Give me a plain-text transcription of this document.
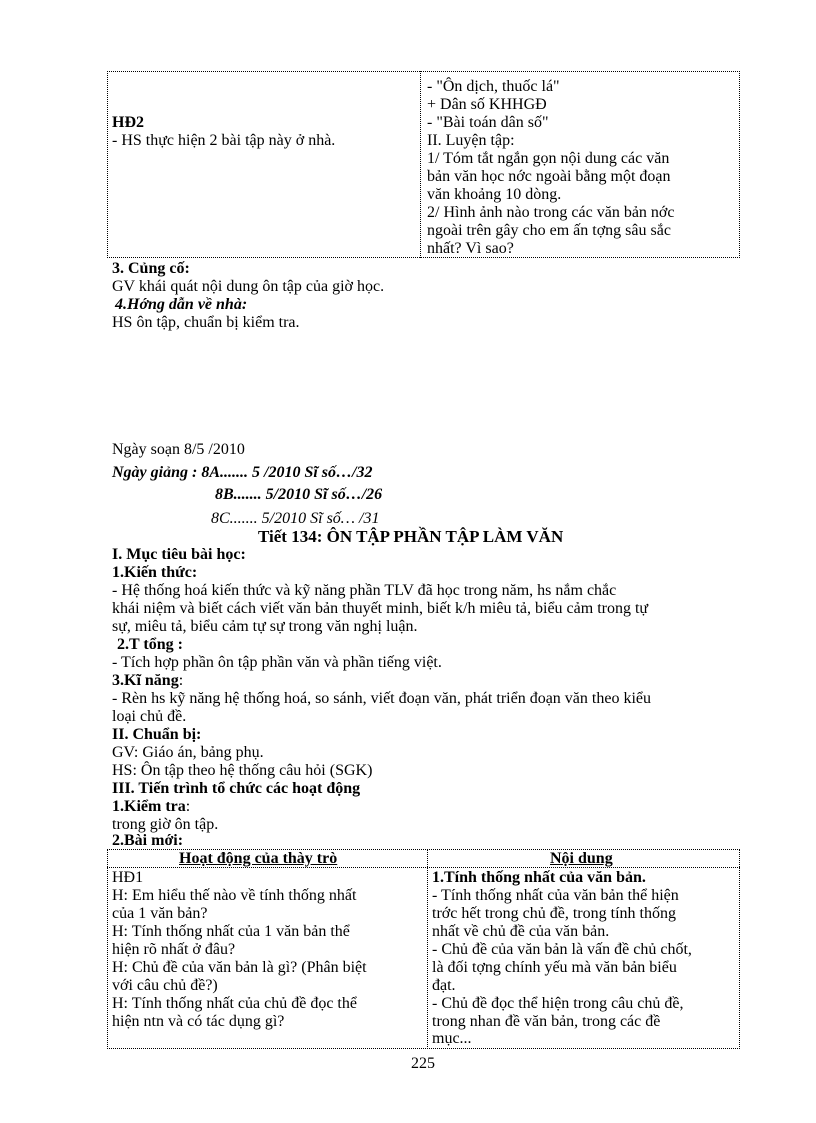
HĐ2
- HS thực hiện 2 bài tập này ở nhà.
- "Ôn dịch, thuốc lá"
+ Dân số KHHGĐ
- "Bài toán dân số"
II. Luyện tập:
1/ Tóm tắt ngắn gọn nội dung các văn
bản văn học nớc ngoài bằng một đoạn
văn khoảng 10 dòng.
2/ Hình ảnh nào trong các văn bản nớc
ngoài trên gây cho em ấn tợng sâu sắc
nhất? Vì sao?
3. Củng cố:
GV khái quát nội dung ôn tập của giờ học.
4.Hớng dẫn về nhà:
HS ôn tập, chuẩn bị kiểm tra.
Ngày soạn 8/5 /2010
Ngày giảng : 8A....... 5 /2010 Sĩ số…/32
8B....... 5/2010 Sĩ số…/26
8C....... 5/2010 Sĩ số… /31
Tiết 134: ÔN TẬP PHẦN TẬP LÀM VĂN
I. Mục tiêu bài học:
1.Kiến thức:
- Hệ thống hoá kiến thức và kỹ năng phần TLV đã học trong năm, hs nắm chắc
khái niệm và biết cách viết văn bản thuyết minh, biết k/h miêu tả, biểu cảm trong tự
sự, miêu tả, biểu cảm tự sự trong văn nghị luận.
2.T tổng :
- Tích hợp phần ôn tập phần văn và phần tiếng việt.
3.Kĩ năng:
- Rèn hs kỹ năng hệ thống hoá, so sánh, viết đoạn văn, phát triển đoạn văn theo kiểu
loại chủ đề.
II. Chuẩn bị:
GV: Giáo án, bảng phụ.
HS: Ôn tập theo hệ thống câu hỏi (SGK)
III. Tiến trình tổ chức các hoạt động
1.Kiểm tra:
trong giờ ôn tập.
2.Bài mới:
Hoạt động của thày trò	Nội dung
HĐ1
H: Em hiểu thế nào về tính thống nhất
của 1 văn bản?
H: Tính thống nhất của 1 văn bản thể
hiện rõ nhất ở đâu?
H: Chủ đề của văn bản là gì? (Phân biệt
với câu chủ đề?)
H: Tính thống nhất của chủ đề đọc thể
hiện ntn và có tác dụng gì?
1.Tính thống nhất của văn bản.
- Tính thống nhất của văn bản thể hiện
trớc hết trong chủ đề, trong tính thống
nhất về chủ đề của văn bản.
- Chủ đề của văn bản là vấn đề chủ chốt,
là đối tợng chính yếu mà văn bản biểu
đạt.
- Chủ đề đọc thể hiện trong câu chủ đề,
trong nhan đề văn bản, trong các đề
mục...
225
